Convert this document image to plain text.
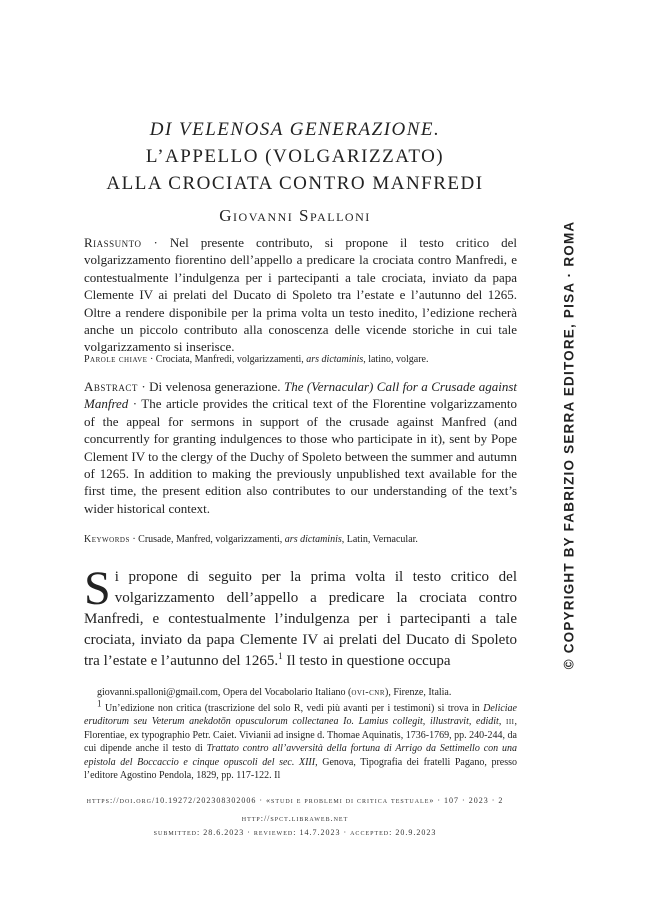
DI VELENOSA GENERAZIONE.
L’APPELLO (VOLGARIZZATO)
ALLA CROCIATA CONTRO MANFREDI
Giovanni Spalloni

Riassunto · Nel presente contributo, si propone il testo critico del volgarizzamento fiorentino dell’appello a predicare la crociata contro Manfredi, e contestualmente l’indulgenza per i partecipanti a tale crociata, inviato da papa Clemente IV ai prelati del Ducato di Spoleto tra l’estate e l’autunno del 1265. Oltre a rendere disponibile per la prima volta un testo inedito, l’edizione recherà anche un piccolo contributo alla conoscenza delle vicende storiche in cui tale volgarizzamento si inserisce.

Parole chiave · Crociata, Manfredi, volgarizzamenti, ars dictaminis, latino, volgare.

Abstract · Di velenosa generazione. The (Vernacular) Call for a Crusade against Manfred · The article provides the critical text of the Florentine volgarizzamento of the appeal for sermons in support of the crusade against Manfred (and concurrently for granting indulgences to those who participate in it), sent by Pope Clement IV to the clergy of the Duchy of Spoleto between the summer and autumn of 1265. In addition to making the previously unpublished text available for the first time, the present edition also contributes to our understanding of the text’s wider historical context.

Keywords · Crusade, Manfred, volgarizzamenti, ars dictaminis, Latin, Vernacular.

Si propone di seguito per la prima volta il testo critico del volgarizzamento dell’appello a predicare la crociata contro Manfredi, e contestualmente l’indulgenza per i partecipanti a tale crociata, inviato da papa Clemente IV ai prelati del Ducato di Spoleto tra l’estate e l’autunno del 1265.$^1$ Il testo in questione occupa

giovanni.spalloni@gmail.com, Opera del Vocabolario Italiano (ovi-cnr), Firenze, Italia.

$^1$ Un’edizione non critica (trascrizione del solo R, vedi più avanti per i testimoni) si trova in Deliciae eruditorum seu Veterum anekdotōn opusculorum collectanea Io. Lamius collegit, illustravit, edidit, iii, Florentiae, ex typographio Petr. Caiet. Vivianii ad insigne d. Thomae Aquinatis, 1736-1769, pp. 240-244, da cui dipende anche il testo di Trattato contro all’avversità della fortuna di Arrigo da Settimello con una epistola del Boccaccio e cinque opuscoli del sec. XIII, Genova, Tipografia dei fratelli Pagano, presso l’editore Agostino Pendola, 1829, pp. 117-122. Il

https://doi.org/10.19272/202308302006 · «studi e problemi di critica testuale» · 107 · 2023 · 2
http://spct.libraweb.net
submitted: 28.6.2023 · reviewed: 14.7.2023 · accepted: 20.9.2023
© COPYRIGHT BY FABRIZIO SERRA EDITORE, PISA · ROMA
